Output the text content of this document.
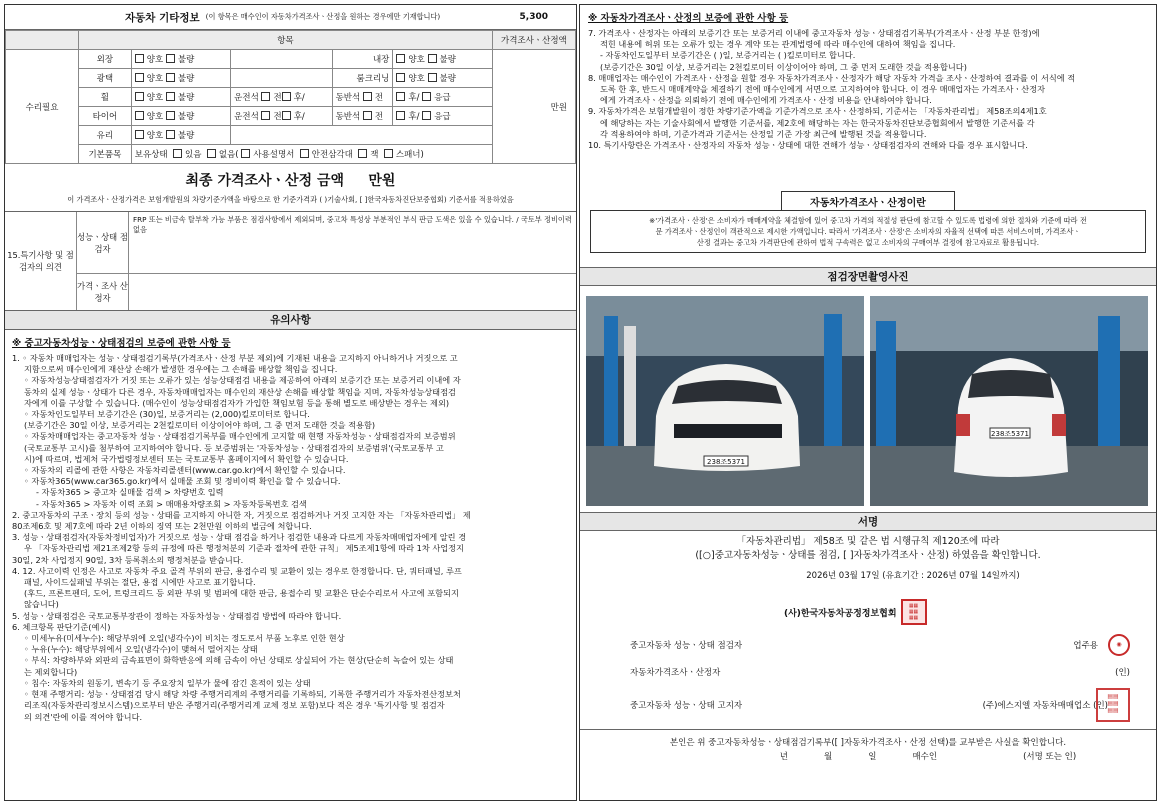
자동차 기타정보 (이 항목은 매수인이 자동차가격조사ㆍ산정을 원하는 경우에만 기재합니다)	5,300
	항목					가격조사ㆍ산정액
수리필요	외장	양호 불량		내장	양호 불량	만원
	광택	양호 불량		룸크리닝	양호 불량	
	휠	양호 불량	운전석 전 후/	동반석 전	후/ 응급	
	타이어	양호 불량	운전석 전 후/	동반석 전	후/ 응급	
	유리	양호 불량				
	기본품목	보유상태 있음 없음( 사용설명서 안전삼각대 잭 스패너)				
최종 가격조사ㆍ산정 금액 만원
이 가격조사ㆍ산정가격은 보험개발원의 차량기준가액을 바탕으로 한 기준가격과 ( )기술사회, [ ]한국자동차진단보증협회) 기준서를 적용하였음
15.특기사항 및 점검자의 의견
성능ㆍ상태 점검자
FRP 또는 비금속 탈부착 가능 부품은 점검사항에서 제외되며, 중고차 특성상 부분적인 부식 판금 도색은 있을 수 있습니다. / 국토부 정비이력 없음
가격ㆍ조사 산정자
유의사항
※ 중고자동차성능ㆍ상태점검의 보증에 관한 사항 등

1. ◦ 자동차 매매업자는 성능ㆍ상태점검기록부(가격조사ㆍ산정 부분 제외)에 기재된 내용을 고지하지 아니하거나 거짓으로 고

지함으로써 매수인에게 재산상 손해가 발생한 경우에는 그 손해를 배상할 책임을 집니다.

◦ 자동차성능상태점검자가 거짓 또는 오류가 있는 성능상태점검 내용을 제공하여 아래의 보증기간 또는 보증거리 이내에 자

동차의 실제 성능ㆍ상태가 다른 경우, 자동차매매업자는 매수인의 재산상 손해를 배상할 책임을 지며, 자동차성능상태점검

자에게 이를 구상할 수 있습니다. (매수인이 성능상태점검자가 가입한 책임보험 등을 통해 별도로 배상받는 경우는 제외)

◦ 자동차인도일부터 보증기간은 (30)일, 보증거리는 (2,000)킬로미터로 합니다.

(보증기간은 30일 이상, 보증거리는 2천킬로미터 이상이어야 하며, 그 중 먼저 도래한 것을 적용함)

◦ 자동차매매업자는 중고자동차 성능ㆍ상태점검기록부를 매수인에게 고지할 때 현행 자동차성능ㆍ상태점검자의 보증범위

(국토교통부 고시)를 첨부하여 고지하여야 합니다. 등 보증범위는 '자동차성능ㆍ상태점검자의 보증범위'(국토교통부 고

시)에 따르며, 법제처 국가법령정보센터 또는 국토교통부 홈페이지에서 확인할 수 있습니다.

◦ 자동차의 리콜에 관한 사항은 자동차리콜센터(www.car.go.kr)에서 확인할 수 있습니다.

◦ 자동차365(www.car365.go.kr)에서 실매물 조회 및 정비이력 확인을 할 수 있습니다.

- 자동차365 > 중고차 실매물 검색 > 차량번호 입력

- 자동차365 > 자동차 이력 조회 > 매매용차량조회 > 자동차등록번호 검색

2. 중고자동차의 구조ㆍ장치 등의 성능ㆍ상태를 고지하지 아니한 자, 거짓으로 점검하거나 거짓 고지한 자는 「자동차관리법」 제

80조제6호 및 제7호에 따라 2년 이하의 징역 또는 2천만원 이하의 벌금에 처합니다.

3. 성능ㆍ상태점검자(자동차정비업자)가 거짓으로 성능ㆍ상태 점검을 하거나 점검한 내용과 다르게 자동차매매업자에게 알린 경

우 「자동차관리법 제21조제2항 등의 규정에 따른 행정처분의 기준과 절차에 관한 규칙」 제5조제1항에 따라 1차 사업정지

30일, 2차 사업정지 90일, 3차 등록취소의 행정처분을 받습니다.

4. 12. 사고이력 인정은 사고로 자동차 주요 골격 부위의 판금, 용접수리 및 교환이 있는 경우로 한정합니다. 단, 쿼터패널, 루프

패널, 사이드실패널 부위는 절단, 용접 시에만 사고로 표기합니다.

(후드, 프론트펜더, 도어, 트렁크리드 등 외판 부위 및 범퍼에 대한 판금, 용접수리 및 교환은 단순수리로서 사고에 포함되지

않습니다)

5. 성능ㆍ상태점검은 국토교통부장관이 정하는 자동차성능ㆍ상태점검 방법에 따라야 합니다.

6. 체크항목 판단기준(예시)

◦ 미세누유(미세누수): 해당부위에 오일(냉각수)이 비치는 정도로서 부품 노후로 인한 현상

◦ 누유(누수): 해당부위에서 오일(냉각수)이 맺혀서 떨어지는 상태

◦ 부식: 차량하부와 외판의 금속표면이 화학반응에 의해 금속이 아닌 상태로 상실되어 가는 현상(단순히 녹슬어 있는 상태

는 제외합니다)

◦ 침수: 자동차의 원동기, 변속기 등 주요장치 일부가 물에 잠긴 흔적이 있는 상태

◦ 현재 주행거리: 성능ㆍ상태점검 당시 해당 차량 주행거리계의 주행거리를 기록하되, 기록한 주행거리가 자동차전산정보처

리조직(자동차관리정보시스템)으로부터 받은 주행거리(주행거리계 교체 정보 포함)보다 적은 경우 '특기사항 및 점검자

의 의견'란에 이를 적어야 합니다.

※ 자동차가격조사ㆍ산정의 보증에 관한 사항 등

7. 가격조사ㆍ산정자는 아래의 보증기간 또는 보증거리 이내에 중고자동차 성능ㆍ상태점검기록부(가격조사ㆍ산정 부분 한정)에

적힌 내용에 허위 또는 오류가 있는 경우 계약 또는 관계법령에 따라 매수인에 대하여 책임을 집니다.

- 자동차인도일부터 보증기간은 ( )일, 보증거리는 ( )킬로미터로 합니다.

(보증기간은 30일 이상, 보증거리는 2천킬로미터 이상이어야 하며, 그 중 먼저 도래한 것을 적용합니다)

8. 매매업자는 매수인이 가격조사ㆍ산정을 원할 경우 자동차가격조사ㆍ산정자가 해당 자동차 가격을 조사ㆍ산정하여 결과를 이 서식에 적

도록 한 후, 반드시 매매계약을 체결하기 전에 매수인에게 서면으로 고지하여야 합니다. 이 경우 매매업자는 가격조사ㆍ산정자

에게 가격조사ㆍ산정을 의뢰하기 전에 매수인에게 가격조사ㆍ산정 비용을 안내하여야 합니다.

9. 자동차가격은 보험개발원이 정한 차량기준가액을 기준가격으로 조사ㆍ산정하되, 기준서는 「자동차관리법」 제58조의4제1호

에 해당하는 자는 기술사회에서 발행한 기준서를, 제2호에 해당하는 자는 한국자동차진단보증협회에서 발행한 기준서를 각

각 적용하여야 하며, 기준가격과 기준서는 산정일 기준 가장 최근에 발행된 것을 적용합니다.

10. 특기사항란은 가격조사ㆍ산정자의 자동차 성능ㆍ상태에 대한 견해가 성능ㆍ상태점검자의 견해와 다를 경우 표시합니다.

자동차가격조사ㆍ산정이란

※'가격조사ㆍ산정'은 소비자가 매매계약을 체결함에 있어 중고차 가격의 적절성 판단에 참고할 수 있도록 법령에 의한 절차와 기준에 따라 전

문 가격조사ㆍ산정인이 객관적으로 제시한 가액입니다. 따라서 '가격조사ㆍ산정'은 소비자의 자율적 선택에 따른 서비스이며, 가격조사ㆍ

산정 결과는 중고차 가격판단에 관하여 법적 구속력은 없고 소비자의 구매여부 결정에 참고자료로 활용됩니다.

점검장면촬영사진
238조5371
238조5371
서명
「자동차관리법」 제58조 및 같은 법 시행규칙 제120조에 따라
([○]중고자동차성능ㆍ상태를 점검, [ ]자동차가격조사ㆍ산정) 하였음을 확인합니다.
2026년 03월 17일 (유효기간 : 2026년 07월 14일까지)
(사)한국자동차공정정보협회
▦▦
▦▦
▦▦
중고자동차 성능ㆍ상태 점검자	업주용	◉
자동차가격조사ㆍ산정자	(인)
중고자동차 성능ㆍ상태 고지자	(주)에스지엘 자동차매매업소 (인)
▤▤
▤▤
▤▤
본인은 위 중고자동차성능ㆍ상태점검기록부([ ]자동차가격조사ㆍ산정 선택)를 교부받은 사실을 확인합니다.
년	월	일	매수인	(서명 또는 인)
